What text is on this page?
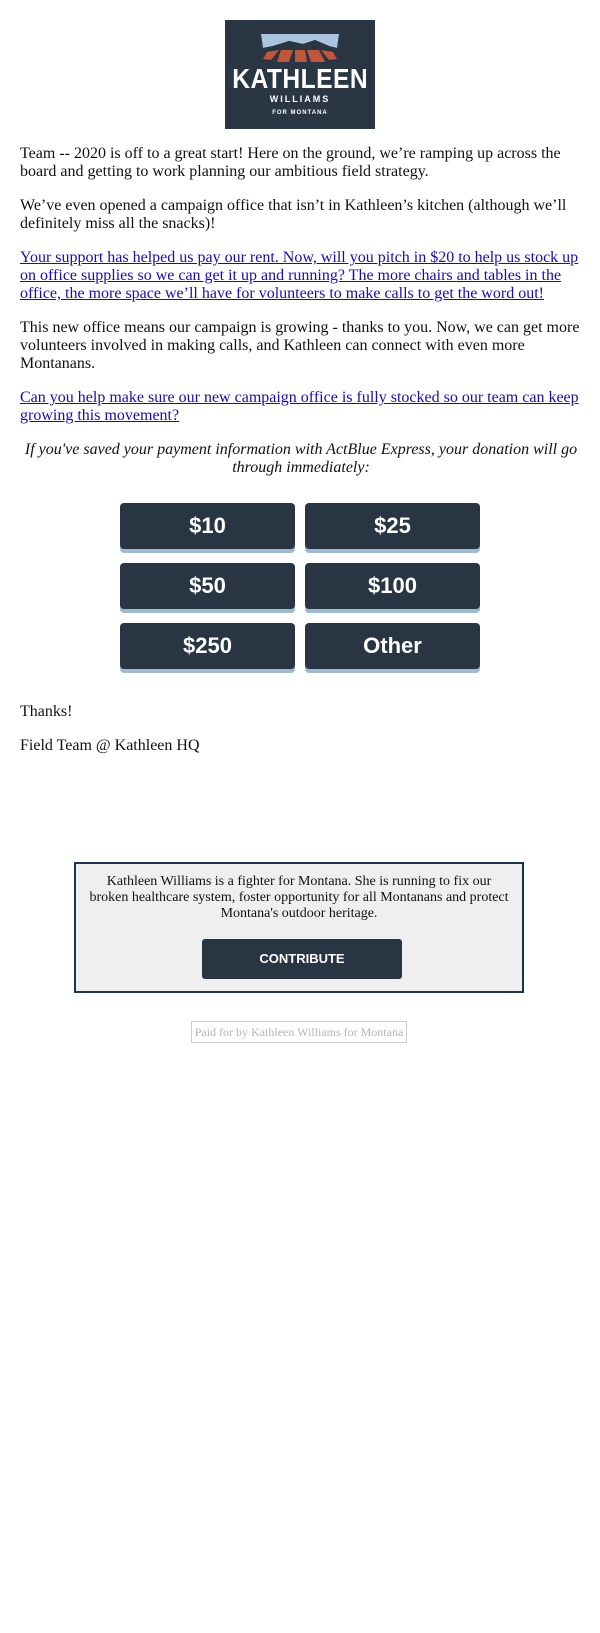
KATHLEEN
WILLIAMS
FOR MONTANA

Team -- 2020 is off to a great start! Here on the ground, we’re ramping up across the board and getting to work planning our ambitious field strategy.

We’ve even opened a campaign office that isn’t in Kathleen’s kitchen (although we’ll definitely miss all the snacks)!

Your support has helped us pay our rent. Now, will you pitch in $20 to help us stock up on office supplies so we can get it up and running? The more chairs and tables in the office, the more space we’ll have for volunteers to make calls to get the word out!

This new office means our campaign is growing - thanks to you. Now, we can get more volunteers involved in making calls, and Kathleen can connect with even more Montanans.

Can you help make sure our new campaign office is fully stocked so our team can keep growing this movement?

If you've saved your payment information with ActBlue Express, your donation will go through immediately:

$10	$25
$50	$100
$250	Other

Thanks!

Field Team @ Kathleen HQ

Kathleen Williams is a fighter for Montana. She is running to fix our broken healthcare system, foster opportunity for all Montanans and protect Montana's outdoor heritage.

CONTRIBUTE
Paid for by Kathleen Williams for Montana
